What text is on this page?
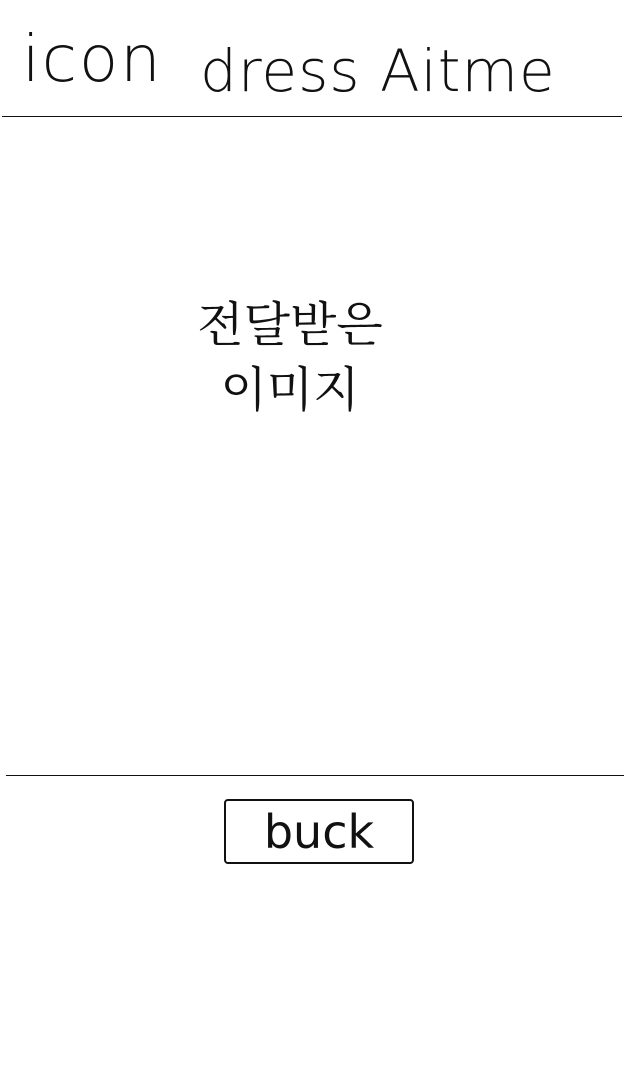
icon dress Aitme
전달받은
이미지
buck
